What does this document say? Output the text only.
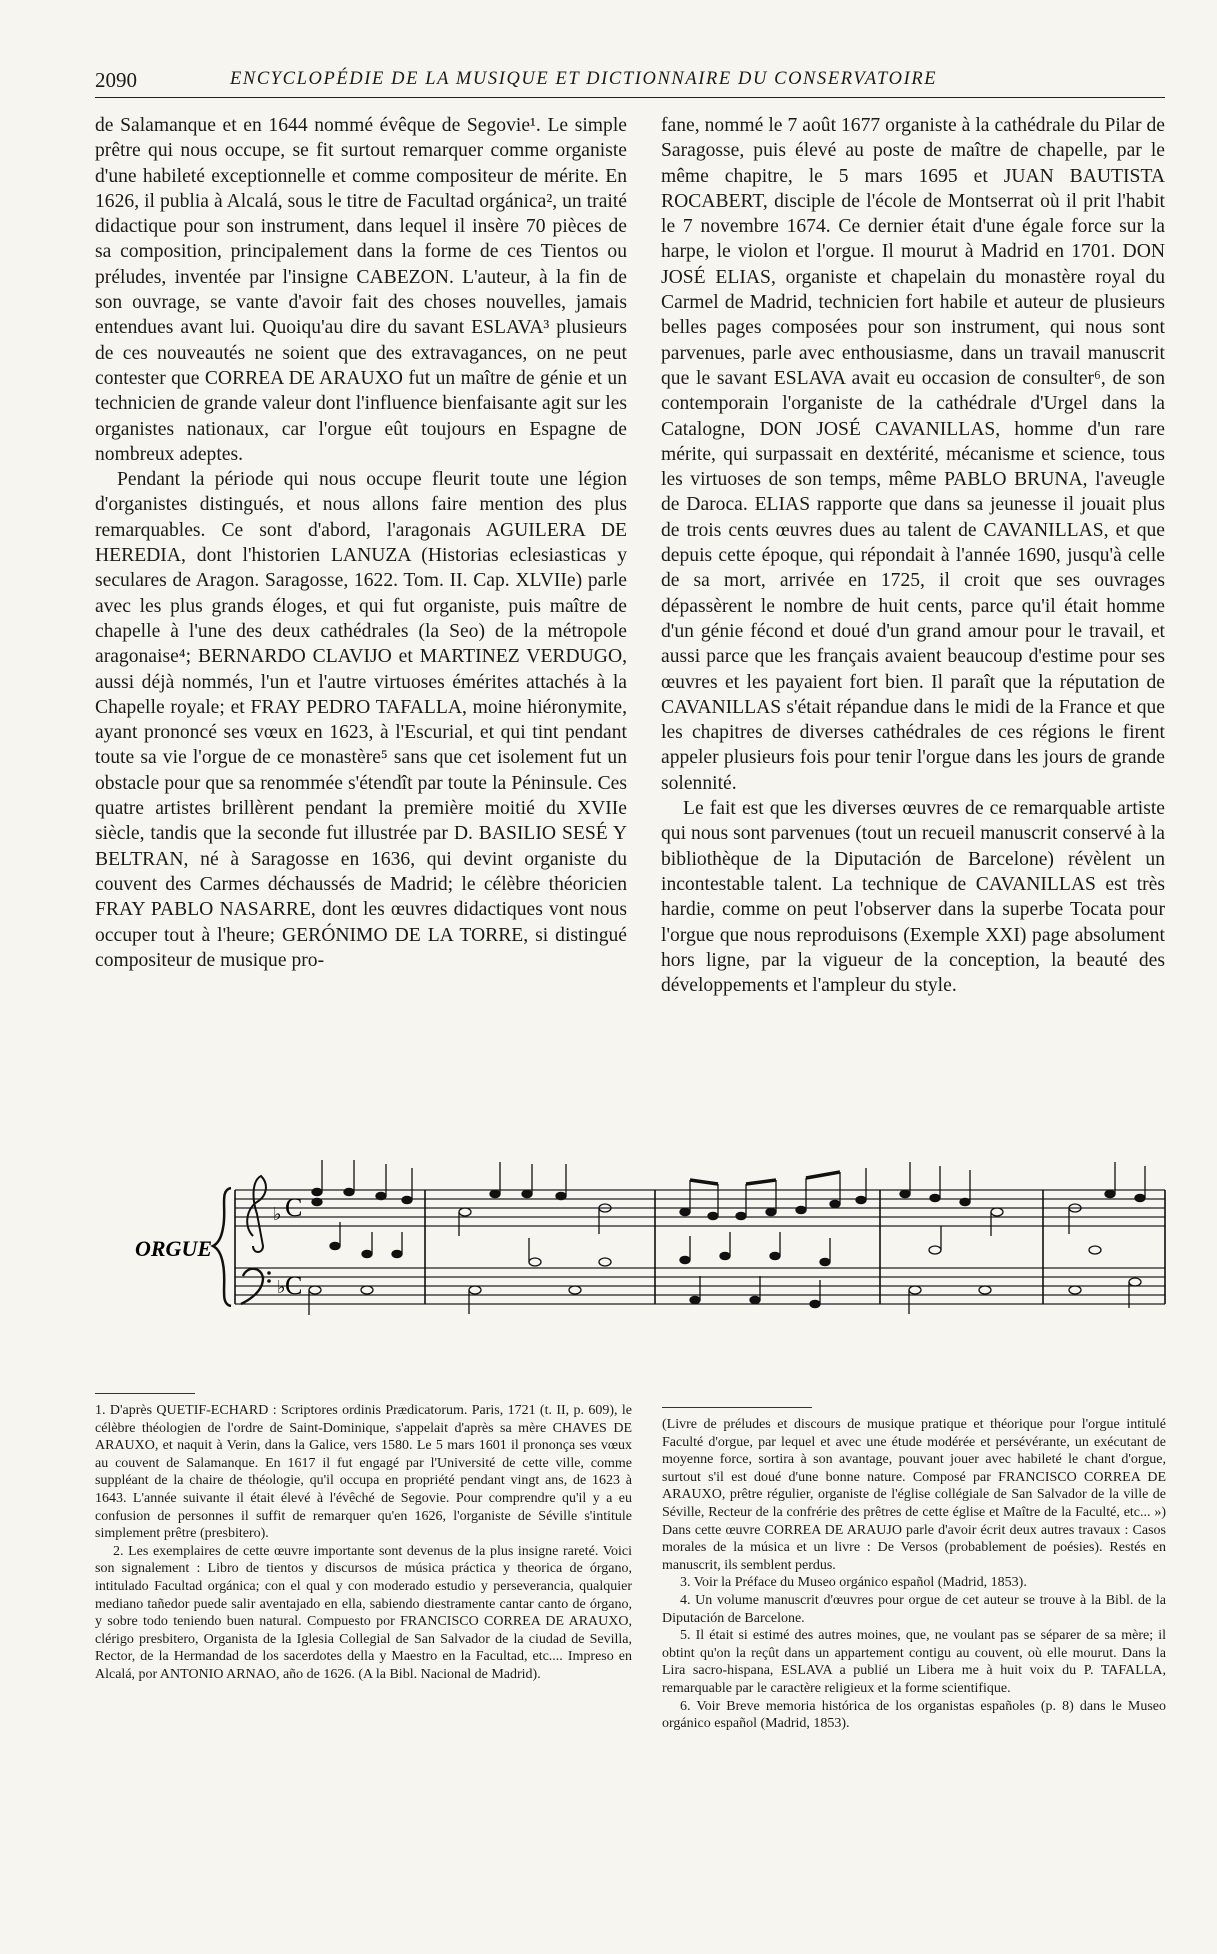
2090	ENCYCLOPÉDIE DE LA MUSIQUE ET DICTIONNAIRE DU CONSERVATOIRE

de Salamanque et en 1644 nommé évêque de Segovie¹. Le simple prêtre qui nous occupe, se fit surtout remarquer comme organiste d'une habileté exceptionnelle et comme compositeur de mérite. En 1626, il publia à Alcalá, sous le titre de Facultad orgánica², un traité didactique pour son instrument, dans lequel il insère 70 pièces de sa composition, principalement dans la forme de ces Tientos ou préludes, inventée par l'insigne CABEZON. L'auteur, à la fin de son ouvrage, se vante d'avoir fait des choses nouvelles, jamais entendues avant lui. Quoiqu'au dire du savant ESLAVA³ plusieurs de ces nouveautés ne soient que des extravagances, on ne peut contester que CORREA DE ARAUXO fut un maître de génie et un technicien de grande valeur dont l'influence bienfaisante agit sur les organistes nationaux, car l'orgue eût toujours en Espagne de nombreux adeptes.

Pendant la période qui nous occupe fleurit toute une légion d'organistes distingués, et nous allons faire mention des plus remarquables. Ce sont d'abord, l'aragonais AGUILERA DE HEREDIA, dont l'historien LANUZA (Historias eclesiasticas y seculares de Aragon. Saragosse, 1622. Tom. II. Cap. XLVIIe) parle avec les plus grands éloges, et qui fut organiste, puis maître de chapelle à l'une des deux cathédrales (la Seo) de la métropole aragonaise⁴; BERNARDO CLAVIJO et MARTINEZ VERDUGO, aussi déjà nommés, l'un et l'autre virtuoses émérites attachés à la Chapelle royale; et FRAY PEDRO TAFALLA, moine hiéronymite, ayant prononcé ses vœux en 1623, à l'Escurial, et qui tint pendant toute sa vie l'orgue de ce monastère⁵ sans que cet isolement fut un obstacle pour que sa renommée s'étendît par toute la Péninsule. Ces quatre artistes brillèrent pendant la première moitié du XVIIe siècle, tandis que la seconde fut illustrée par D. BASILIO SESÉ Y BELTRAN, né à Saragosse en 1636, qui devint organiste du couvent des Carmes déchaussés de Madrid; le célèbre théoricien FRAY PABLO NASARRE, dont les œuvres didactiques vont nous occuper tout à l'heure; GERÓNIMO DE LA TORRE, si distingué compositeur de musique pro-

fane, nommé le 7 août 1677 organiste à la cathédrale du Pilar de Saragosse, puis élevé au poste de maître de chapelle, par le même chapitre, le 5 mars 1695 et JUAN BAUTISTA ROCABERT, disciple de l'école de Montserrat où il prit l'habit le 7 novembre 1674. Ce dernier était d'une égale force sur la harpe, le violon et l'orgue. Il mourut à Madrid en 1701. DON JOSÉ ELIAS, organiste et chapelain du monastère royal du Carmel de Madrid, technicien fort habile et auteur de plusieurs belles pages composées pour son instrument, qui nous sont parvenues, parle avec enthousiasme, dans un travail manuscrit que le savant ESLAVA avait eu occasion de consulter⁶, de son contemporain l'organiste de la cathédrale d'Urgel dans la Catalogne, DON JOSÉ CAVANILLAS, homme d'un rare mérite, qui surpassait en dextérité, mécanisme et science, tous les virtuoses de son temps, même PABLO BRUNA, l'aveugle de Daroca. ELIAS rapporte que dans sa jeunesse il jouait plus de trois cents œuvres dues au talent de CAVANILLAS, et que depuis cette époque, qui répondait à l'année 1690, jusqu'à celle de sa mort, arrivée en 1725, il croit que ses ouvrages dépassèrent le nombre de huit cents, parce qu'il était homme d'un génie fécond et doué d'un grand amour pour le travail, et aussi parce que les français avaient beaucoup d'estime pour ses œuvres et les payaient fort bien. Il paraît que la réputation de CAVANILLAS s'était répandue dans le midi de la France et que les chapitres de diverses cathédrales de ces régions le firent appeler plusieurs fois pour tenir l'orgue dans les jours de grande solennité.

Le fait est que les diverses œuvres de ce remarquable artiste qui nous sont parvenues (tout un recueil manuscrit conservé à la bibliothèque de la Diputación de Barcelone) révèlent un incontestable talent. La technique de CAVANILLAS est très hardie, comme on peut l'observer dans la superbe Tocata pour l'orgue que nous reproduisons (Exemple XXI) page absolument hors ligne, par la vigueur de la conception, la beauté des développements et l'ampleur du style.

ORGUE
♭
♭
C
C

1. D'après QUETIF-ECHARD : Scriptores ordinis Prædicatorum. Paris, 1721 (t. II, p. 609), le célèbre théologien de l'ordre de Saint-Dominique, s'appelait d'après sa mère CHAVES DE ARAUXO, et naquit à Verin, dans la Galice, vers 1580. Le 5 mars 1601 il prononça ses vœux au couvent de Salamanque. En 1617 il fut engagé par l'Université de cette ville, comme suppléant de la chaire de théologie, qu'il occupa en propriété pendant vingt ans, de 1623 à 1643. L'année suivante il était élevé à l'évêché de Segovie. Pour comprendre qu'il y a eu confusion de personnes il suffit de remarquer qu'en 1626, l'organiste de Séville s'intitule simplement prêtre (presbitero).

2. Les exemplaires de cette œuvre importante sont devenus de la plus insigne rareté. Voici son signalement : Libro de tientos y discursos de música práctica y theorica de órgano, intitulado Facultad orgánica; con el qual y con moderado estudio y perseverancia, qualquier mediano tañedor puede salir aventajado en ella, sabiendo diestramente cantar canto de órgano, y sobre todo teniendo buen natural. Compuesto por FRANCISCO CORREA DE ARAUXO, clérigo presbitero, Organista de la Iglesia Collegial de San Salvador de la ciudad de Sevilla, Rector, de la Hermandad de los sacerdotes della y Maestro en la Facultad, etc.... Impreso en Alcalá, por ANTONIO ARNAO, año de 1626. (A la Bibl. Nacional de Madrid).

(Livre de préludes et discours de musique pratique et théorique pour l'orgue intitulé Faculté d'orgue, par lequel et avec une étude modérée et persévérante, un exécutant de moyenne force, sortira à son avantage, pouvant jouer avec habileté le chant d'orgue, surtout s'il est doué d'une bonne nature. Composé par FRANCISCO CORREA DE ARAUXO, prêtre régulier, organiste de l'église collégiale de San Salvador de la ville de Séville, Recteur de la confrérie des prêtres de cette église et Maître de la Faculté, etc... ») Dans cette œuvre CORREA DE ARAUJO parle d'avoir écrit deux autres travaux : Casos morales de la música et un livre : De Versos (probablement de poésies). Restés en manuscrit, ils semblent perdus.

3. Voir la Préface du Museo orgánico español (Madrid, 1853).

4. Un volume manuscrit d'œuvres pour orgue de cet auteur se trouve à la Bibl. de la Diputación de Barcelone.

5. Il était si estimé des autres moines, que, ne voulant pas se séparer de sa mère; il obtint qu'on la reçût dans un appartement contigu au couvent, où elle mourut. Dans la Lira sacro-hispana, ESLAVA a publié un Libera me à huit voix du P. TAFALLA, remarquable par le caractère religieux et la forme scientifique.

6. Voir Breve memoria histórica de los organistas españoles (p. 8) dans le Museo orgánico español (Madrid, 1853).
